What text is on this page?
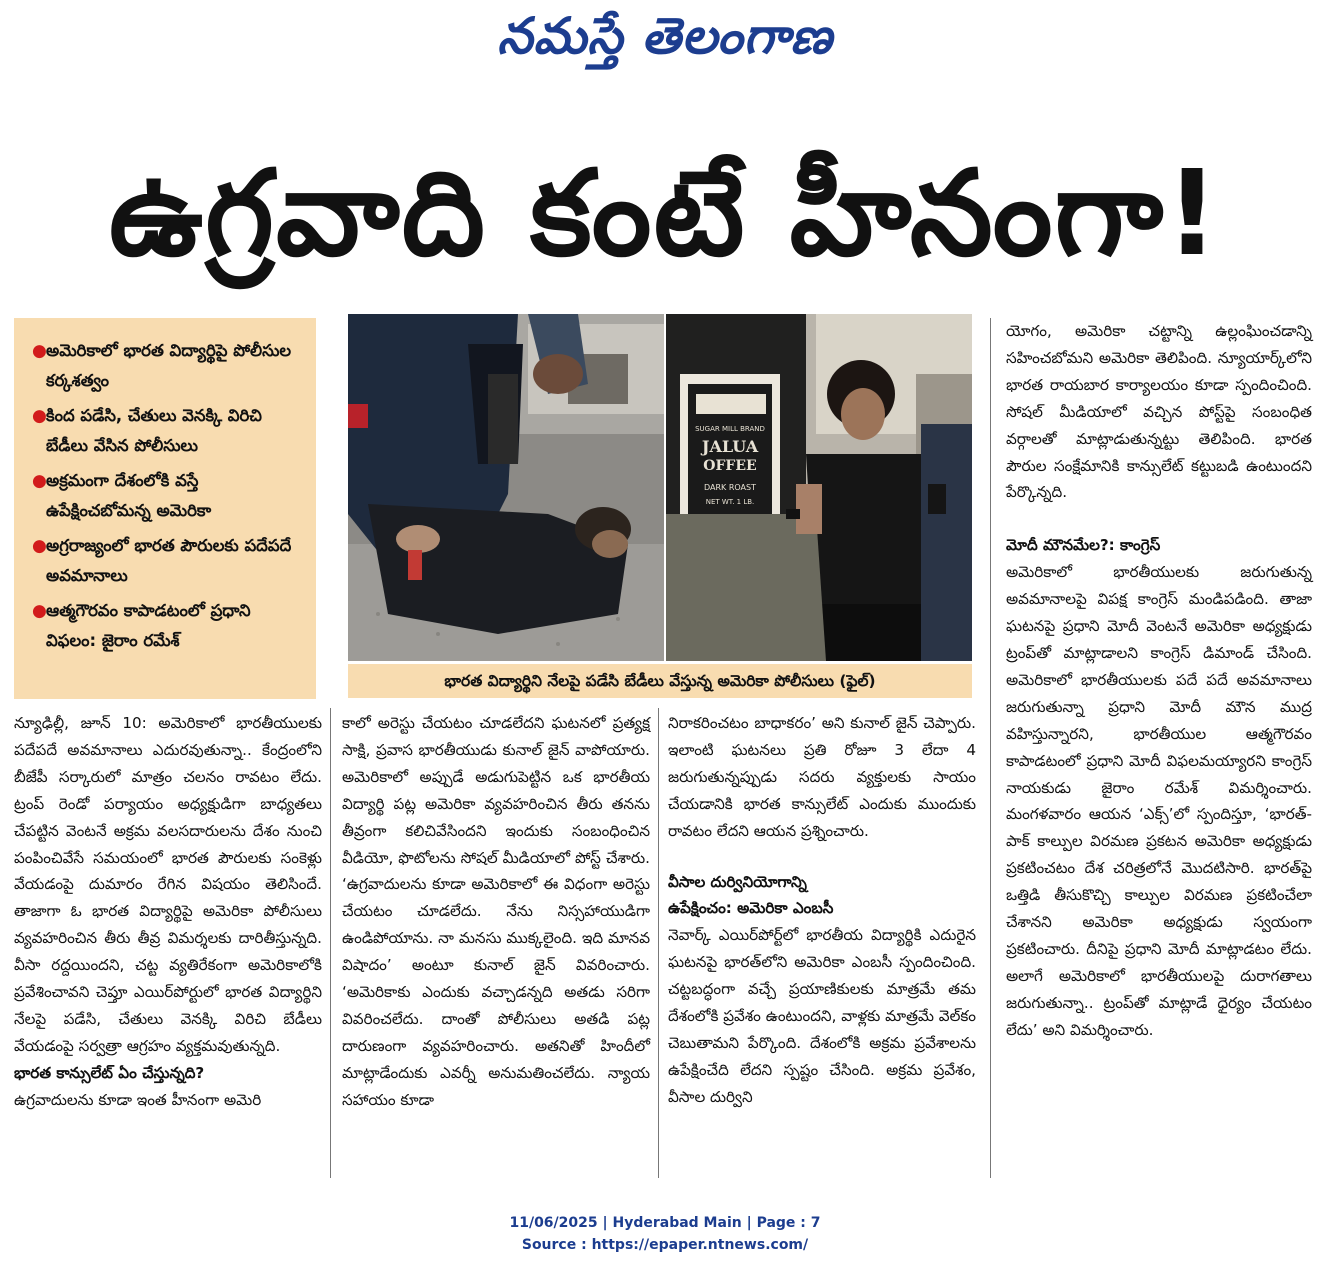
నమస్తే తెలంగాణ
ఉగ్రవాది కంటే హీనంగా!
● అమెరికాలో భారత విద్యార్థిపై పోలీసుల కర్కశత్వం
● కింద పడేసి, చేతులు వెనక్కి విరిచి బేడీలు వేసిన పోలీసులు
● అక్రమంగా దేశంలోకి వస్తే ఉపేక్షించబోమన్న అమెరికా
● అగ్రరాజ్యంలో భారత పౌరులకు పదేపదే అవమానాలు
● ఆత్మగౌరవం కాపాడటంలో ప్రధాని విఫలం: జైరాం రమేశ్
SUGAR MILL BRAND
JALUA
OFFEE
DARK ROAST
NET WT. 1 LB.
భారత విద్యార్థిని నేలపై పడేసి బేడీలు వేస్తున్న అమెరికా పోలీసులు (ఫైల్)

న్యూఢిల్లీ, జూన్ 10: అమెరికాలో భారతీయులకు పదేపదే అవమానాలు ఎదురవుతున్నా.. కేంద్రంలోని బీజేపీ సర్కారులో మాత్రం చలనం రావటం లేదు. ట్రంప్ రెండో పర్యాయం అధ్యక్షుడిగా బాధ్యతలు చేపట్టిన వెంటనే అక్రమ వలసదారులను దేశం నుంచి పంపించివేసే సమయంలో భారత పౌరులకు సంకెళ్లు వేయడంపై దుమారం రేగిన విషయం తెలిసిందే. తాజాగా ఓ భారత విద్యార్థిపై అమెరికా పోలీసులు వ్యవహరించిన తీరు తీవ్ర విమర్శలకు దారితీస్తున్నది. వీసా రద్దయిందని, చట్ట వ్యతిరేకంగా అమెరికాలోకి ప్రవేశించావని చెప్తూ ఎయిర్‌పోర్టులో భారత విద్యార్థిని నేలపై పడేసి, చేతులు వెనక్కి విరిచి బేడీలు వేయడంపై సర్వత్రా ఆగ్రహం వ్యక్తమవుతున్నది.

భారత కాన్సులేట్ ఏం చేస్తున్నది?

ఉగ్రవాదులను కూడా ఇంత హీనంగా అమెరి

కాలో అరెస్టు చేయటం చూడలేదని ఘటనలో ప్రత్యక్ష సాక్షి, ప్రవాస భారతీయుడు కునాల్ జైన్ వాపోయారు. అమెరికాలో అప్పుడే అడుగుపెట్టిన ఒక భారతీయ విద్యార్థి పట్ల అమెరికా వ్యవహరించిన తీరు తనను తీవ్రంగా కలిచివేసిందని ఇందుకు సంబంధించిన వీడియో, ఫొటోలను సోషల్ మీడియాలో పోస్ట్ చేశారు. ‘ఉగ్రవాదులను కూడా అమెరికాలో ఈ విధంగా అరెస్టు చేయటం చూడలేదు. నేను నిస్సహాయుడిగా ఉండిపోయాను. నా మనసు ముక్కలైంది. ఇది మానవ విషాదం’ అంటూ కునాల్ జైన్ వివరించారు. ‘అమెరికాకు ఎందుకు వచ్చాడన్నది అతడు సరిగా వివరించలేదు. దాంతో పోలీసులు అతడి పట్ల దారుణంగా వ్యవహరించారు. అతనితో హిందీలో మాట్లాడేందుకు ఎవర్నీ అనుమతించలేదు. న్యాయ సహాయం కూడా

నిరాకరించటం బాధాకరం’ అని కునాల్ జైన్ చెప్పారు. ఇలాంటి ఘటనలు ప్రతి రోజూ 3 లేదా 4 జరుగుతున్నప్పుడు సదరు వ్యక్తులకు సాయం చేయడానికి భారత కాన్సులేట్ ఎందుకు ముందుకు రావటం లేదని ఆయన ప్రశ్నించారు.

వీసాల దుర్వినియోగాన్ని

ఉపేక్షించం: అమెరికా ఎంబసీ

నెవార్క్ ఎయిర్‌పోర్ట్‌లో భారతీయ విద్యార్థికి ఎదురైన ఘటనపై భారత్‌లోని అమెరికా ఎంబసీ స్పందించింది. చట్టబద్ధంగా వచ్చే ప్రయాణికులకు మాత్రమే తమ దేశంలోకి ప్రవేశం ఉంటుందని, వాళ్లకు మాత్రమే వెల్‌కం చెబుతామని పేర్కొంది. దేశంలోకి అక్రమ ప్రవేశాలను ఉపేక్షించేది లేదని స్పష్టం చేసింది. అక్రమ ప్రవేశం, వీసాల దుర్విని

యోగం, అమెరికా చట్టాన్ని ఉల్లంఘించడాన్ని సహించబోమని అమెరికా తెలిపింది. న్యూయార్క్‌లోని భారత రాయబార కార్యాలయం కూడా స్పందించింది. సోషల్ మీడియాలో వచ్చిన పోస్ట్‌పై సంబంధిత వర్గాలతో మాట్లాడుతున్నట్టు తెలిపింది. భారత పౌరుల సంక్షేమానికి కాన్సులేట్ కట్టుబడి ఉంటుందని పేర్కొన్నది.

మోదీ మౌనమేల?: కాంగ్రెస్

అమెరికాలో భారతీయులకు జరుగుతున్న అవమానాలపై విపక్ష కాంగ్రెస్ మండిపడింది. తాజా ఘటనపై ప్రధాని మోదీ వెంటనే అమెరికా అధ్యక్షుడు ట్రంప్‌తో మాట్లాడాలని కాంగ్రెస్ డిమాండ్ చేసింది. అమెరికాలో భారతీయులకు పదే పదే అవమానాలు జరుగుతున్నా ప్రధాని మోదీ మౌన ముద్ర వహిస్తున్నారని, భారతీయుల ఆత్మగౌరవం కాపాడటంలో ప్రధాని మోదీ విఫలమయ్యారని కాంగ్రెస్ నాయకుడు జైరాం రమేశ్ విమర్శించారు. మంగళవారం ఆయన ‘ఎక్స్’లో స్పందిస్తూ, ‘భారత్-పాక్ కాల్పుల విరమణ ప్రకటన అమెరికా అధ్యక్షుడు ప్రకటించటం దేశ చరిత్రలోనే మొదటిసారి. భారత్‌పై ఒత్తిడి తీసుకొచ్చి కాల్పుల విరమణ ప్రకటించేలా చేశానని అమెరికా అధ్యక్షుడు స్వయంగా ప్రకటించారు. దీనిపై ప్రధాని మోదీ మాట్లాడటం లేదు. అలాగే అమెరికాలో భారతీయులపై దురాగతాలు జరుగుతున్నా.. ట్రంప్‌తో మాట్లాడే ధైర్యం చేయటం లేదు’ అని విమర్శించారు.

11/06/2025 | Hyderabad Main | Page : 7
Source : https://epaper.ntnews.com/
